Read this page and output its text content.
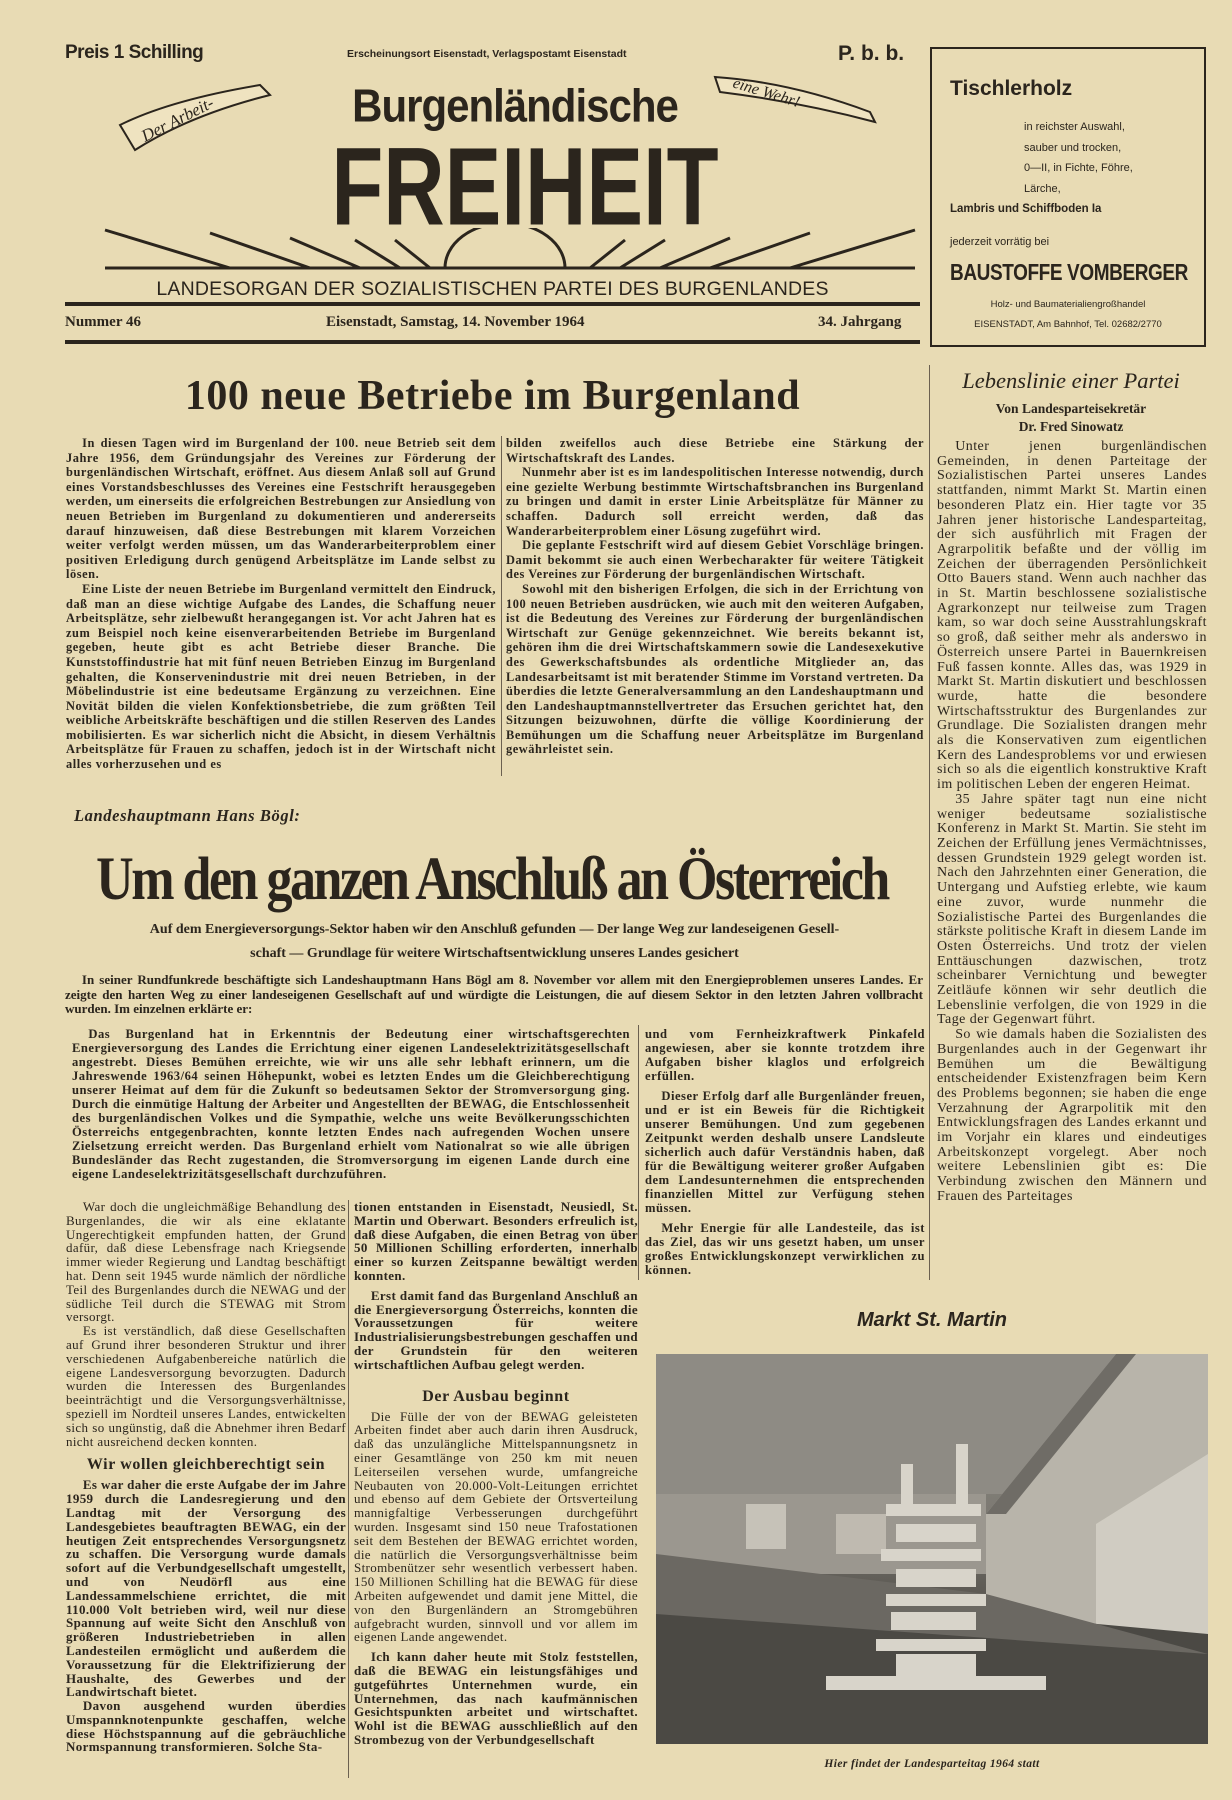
Preis 1 Schilling	Erscheinungsort Eisenstadt, Verlagspostamt Eisenstadt	P. b. b.
Der Arbeit-
eine Wehr!
Burgenländische
FREIHEIT
LANDESORGAN DER SOZIALISTISCHEN PARTEI DES BURGENLANDES
Nummer 46	Eisenstadt, Samstag, 14. November 1964	34. Jahrgang
Tischlerholz
in reichster Auswahl,
sauber und trocken,
0—II, in Fichte, Föhre,
Lärche,
Lambris und Schiffboden Ia
jederzeit vorrätig bei
BAUSTOFFE VOMBERGER
Holz- und Baumaterialiengroßhandel
EISENSTADT, Am Bahnhof, Tel. 02682/2770
100 neue Betriebe im Burgenland

In diesen Tagen wird im Burgenland der 100. neue Betrieb seit dem Jahre 1956, dem Gründungsjahr des Vereines zur Förderung der burgenländischen Wirtschaft, eröffnet. Aus diesem Anlaß soll auf Grund eines Vorstandsbeschlusses des Vereines eine Festschrift herausgegeben werden, um einerseits die erfolgreichen Bestrebungen zur Ansiedlung von neuen Betrieben im Burgenland zu dokumentieren und andererseits darauf hinzuweisen, daß diese Bestrebungen mit klarem Vorzeichen weiter verfolgt werden müssen, um das Wanderarbeiterproblem einer positiven Erledigung durch genügend Arbeitsplätze im Lande selbst zu lösen.

Eine Liste der neuen Betriebe im Burgenland vermittelt den Eindruck, daß man an diese wichtige Aufgabe des Landes, die Schaffung neuer Arbeitsplätze, sehr zielbewußt herangegangen ist. Vor acht Jahren hat es zum Beispiel noch keine eisenverarbeitenden Betriebe im Burgenland gegeben, heute gibt es acht Betriebe dieser Branche. Die Kunststoffindustrie hat mit fünf neuen Betrieben Einzug im Burgenland gehalten, die Konservenindustrie mit drei neuen Betrieben, in der Möbelindustrie ist eine bedeutsame Ergänzung zu verzeichnen. Eine Novität bilden die vielen Konfektionsbetriebe, die zum größten Teil weibliche Arbeitskräfte beschäftigen und die stillen Reserven des Landes mobilisierten. Es war sicherlich nicht die Absicht, in diesem Verhältnis Arbeitsplätze für Frauen zu schaffen, jedoch ist in der Wirtschaft nicht alles vorherzusehen und es

bilden zweifellos auch diese Betriebe eine Stärkung der Wirtschaftskraft des Landes.

Nunmehr aber ist es im landespolitischen Interesse notwendig, durch eine gezielte Werbung bestimmte Wirtschaftsbranchen ins Burgenland zu bringen und damit in erster Linie Arbeitsplätze für Männer zu schaffen. Dadurch soll erreicht werden, daß das Wanderarbeiterproblem einer Lösung zugeführt wird.

Die geplante Festschrift wird auf diesem Gebiet Vorschläge bringen. Damit bekommt sie auch einen Werbecharakter für weitere Tätigkeit des Vereines zur Förderung der burgenländischen Wirtschaft.

Sowohl mit den bisherigen Erfolgen, die sich in der Errichtung von 100 neuen Betrieben ausdrücken, wie auch mit den weiteren Aufgaben, ist die Bedeutung des Vereines zur Förderung der burgenländischen Wirtschaft zur Genüge gekennzeichnet. Wie bereits bekannt ist, gehören ihm die drei Wirtschaftskammern sowie die Landesexekutive des Gewerkschaftsbundes als ordentliche Mitglieder an, das Landesarbeitsamt ist mit beratender Stimme im Vorstand vertreten. Da überdies die letzte Generalversammlung an den Landeshauptmann und den Landeshauptmannstellvertreter das Ersuchen gerichtet hat, den Sitzungen beizuwohnen, dürfte die völlige Koordinierung der Bemühungen um die Schaffung neuer Arbeitsplätze im Burgenland gewährleistet sein.

Landeshauptmann Hans Bögl:
Um den ganzen Anschluß an Österreich
Auf dem Energieversorgungs-Sektor haben wir den Anschluß gefunden — Der lange Weg zur landeseigenen Gesell-
schaft — Grundlage für weitere Wirtschaftsentwicklung unseres Landes gesichert

In seiner Rundfunkrede beschäftigte sich Landeshauptmann Hans Bögl am 8. November vor allem mit den Energieproblemen unseres Landes. Er zeigte den harten Weg zu einer landeseigenen Gesellschaft auf und würdigte die Leistungen, die auf diesem Sektor in den letzten Jahren vollbracht wurden. Im einzelnen erklärte er:

Das Burgenland hat in Erkenntnis der Bedeutung einer wirtschaftsgerechten Energieversorgung des Landes die Errichtung einer eigenen Landeselektrizitätsgesellschaft angestrebt. Dieses Bemühen erreichte, wie wir uns alle sehr lebhaft erinnern, um die Jahreswende 1963/64 seinen Höhepunkt, wobei es letzten Endes um die Gleichberechtigung unserer Heimat auf dem für die Zukunft so bedeutsamen Sektor der Stromversorgung ging. Durch die einmütige Haltung der Arbeiter und Angestellten der BEWAG, die Entschlossenheit des burgenländischen Volkes und die Sympathie, welche uns weite Bevölkerungsschichten Österreichs entgegenbrachten, konnte letzten Endes nach aufregenden Wochen unsere Zielsetzung erreicht werden. Das Burgenland erhielt vom Nationalrat so wie alle übrigen Bundesländer das Recht zugestanden, die Stromversorgung im eigenen Lande durch eine eigene Landeselektrizitätsgesellschaft durchzuführen.

und vom Fernheizkraftwerk Pinkafeld angewiesen, aber sie konnte trotzdem ihre Aufgaben bisher klaglos und erfolgreich erfüllen.

Dieser Erfolg darf alle Burgenländer freuen, und er ist ein Beweis für die Richtigkeit unserer Bemühungen. Und zum gegebenen Zeitpunkt werden deshalb unsere Landsleute sicherlich auch dafür Verständnis haben, daß für die Bewältigung weiterer großer Aufgaben dem Landesunternehmen die entsprechenden finanziellen Mittel zur Verfügung stehen müssen.

Mehr Energie für alle Landesteile, das ist das Ziel, das wir uns gesetzt haben, um unser großes Entwicklungskonzept verwirklichen zu können.

War doch die ungleichmäßige Behandlung des Burgenlandes, die wir als eine eklatante Ungerechtigkeit empfunden hatten, der Grund dafür, daß diese Lebensfrage nach Kriegsende immer wieder Regierung und Landtag beschäftigt hat. Denn seit 1945 wurde nämlich der nördliche Teil des Burgenlandes durch die NEWAG und der südliche Teil durch die STEWAG mit Strom versorgt.

Es ist verständlich, daß diese Gesellschaften auf Grund ihrer besonderen Struktur und ihrer verschiedenen Aufgabenbereiche natürlich die eigene Landesversorgung bevorzugten. Dadurch wurden die Interessen des Burgenlandes beeinträchtigt und die Versorgungsverhältnisse, speziell im Nordteil unseres Landes, entwickelten sich so ungünstig, daß die Abnehmer ihren Bedarf nicht ausreichend decken konnten.

Wir wollen gleichberechtigt sein

Es war daher die erste Aufgabe der im Jahre 1959 durch die Landesregierung und den Landtag mit der Versorgung des Landesgebietes beauftragten BEWAG, ein der heutigen Zeit entsprechendes Versorgungsnetz zu schaffen. Die Versorgung wurde damals sofort auf die Verbundgesellschaft umgestellt, und von Neudörfl aus eine Landessammelschiene errichtet, die mit 110.000 Volt betrieben wird, weil nur diese Spannung auf weite Sicht den Anschluß von größeren Industriebetrieben in allen Landesteilen ermöglicht und außerdem die Voraussetzung für die Elektrifizierung der Haushalte, des Gewerbes und der Landwirtschaft bietet.

Davon ausgehend wurden überdies Umspannknotenpunkte geschaffen, welche diese Höchstspannung auf die gebräuchliche Normspannung transformieren. Solche Sta-

tionen entstanden in Eisenstadt, Neusiedl, St. Martin und Oberwart. Besonders erfreulich ist, daß diese Aufgaben, die einen Betrag von über 50 Millionen Schilling erforderten, innerhalb einer so kurzen Zeitspanne bewältigt werden konnten.

Erst damit fand das Burgenland Anschluß an die Energieversorgung Österreichs, konnten die Voraussetzungen für weitere Industrialisierungsbestrebungen geschaffen und der Grundstein für den weiteren wirtschaftlichen Aufbau gelegt werden.

Der Ausbau beginnt

Die Fülle der von der BEWAG geleisteten Arbeiten findet aber auch darin ihren Ausdruck, daß das unzulängliche Mittelspannungsnetz in einer Gesamtlänge von 250 km mit neuen Leiterseilen versehen wurde, umfangreiche Neubauten von 20.000-Volt-Leitungen errichtet und ebenso auf dem Gebiete der Ortsverteilung mannigfaltige Verbesserungen durchgeführt wurden. Insgesamt sind 150 neue Trafostationen seit dem Bestehen der BEWAG errichtet worden, die natürlich die Versorgungsverhältnisse beim Strombenützer sehr wesentlich verbessert haben. 150 Millionen Schilling hat die BEWAG für diese Arbeiten aufgewendet und damit jene Mittel, die von den Burgenländern an Stromgebühren aufgebracht wurden, sinnvoll und vor allem im eigenen Lande angewendet.

Ich kann daher heute mit Stolz feststellen, daß die BEWAG ein leistungsfähiges und gutgeführtes Unternehmen wurde, ein Unternehmen, das nach kaufmännischen Gesichtspunkten arbeitet und wirtschaftet. Wohl ist die BEWAG ausschließlich auf den Strombezug von der Verbundgesellschaft

Lebenslinie einer Partei
Von Landesparteisekretär
Dr. Fred Sinowatz

Unter jenen burgenländischen Gemeinden, in denen Parteitage der Sozialistischen Partei unseres Landes stattfanden, nimmt Markt St. Martin einen besonderen Platz ein. Hier tagte vor 35 Jahren jener historische Landesparteitag, der sich ausführlich mit Fragen der Agrarpolitik befaßte und der völlig im Zeichen der überragenden Persönlichkeit Otto Bauers stand. Wenn auch nachher das in St. Martin beschlossene sozialistische Agrarkonzept nur teilweise zum Tragen kam, so war doch seine Ausstrahlungskraft so groß, daß seither mehr als anderswo in Österreich unsere Partei in Bauernkreisen Fuß fassen konnte. Alles das, was 1929 in Markt St. Martin diskutiert und beschlossen wurde, hatte die besondere Wirtschaftsstruktur des Burgenlandes zur Grundlage. Die Sozialisten drangen mehr als die Konservativen zum eigentlichen Kern des Landesproblems vor und erwiesen sich so als die eigentlich konstruktive Kraft im politischen Leben der engeren Heimat.

35 Jahre später tagt nun eine nicht weniger bedeutsame sozialistische Konferenz in Markt St. Martin. Sie steht im Zeichen der Erfüllung jenes Vermächtnisses, dessen Grundstein 1929 gelegt worden ist. Nach den Jahrzehnten einer Generation, die Untergang und Aufstieg erlebte, wie kaum eine zuvor, wurde nunmehr die Sozialistische Partei des Burgenlandes die stärkste politische Kraft in diesem Lande im Osten Österreichs. Und trotz der vielen Enttäuschungen dazwischen, trotz scheinbarer Vernichtung und bewegter Zeitläufe können wir sehr deutlich die Lebenslinie verfolgen, die von 1929 in die Tage der Gegenwart führt.

So wie damals haben die Sozialisten des Burgenlandes auch in der Gegenwart ihr Bemühen um die Bewältigung entscheidender Existenzfragen beim Kern des Problems begonnen; sie haben die enge Verzahnung der Agrarpolitik mit den Entwicklungsfragen des Landes erkannt und im Vorjahr ein klares und eindeutiges Arbeitskonzept vorgelegt. Aber noch weitere Lebenslinien gibt es: Die Verbindung zwischen den Männern und Frauen des Parteitages

Markt St. Martin
Hier findet der Landesparteitag 1964 statt
